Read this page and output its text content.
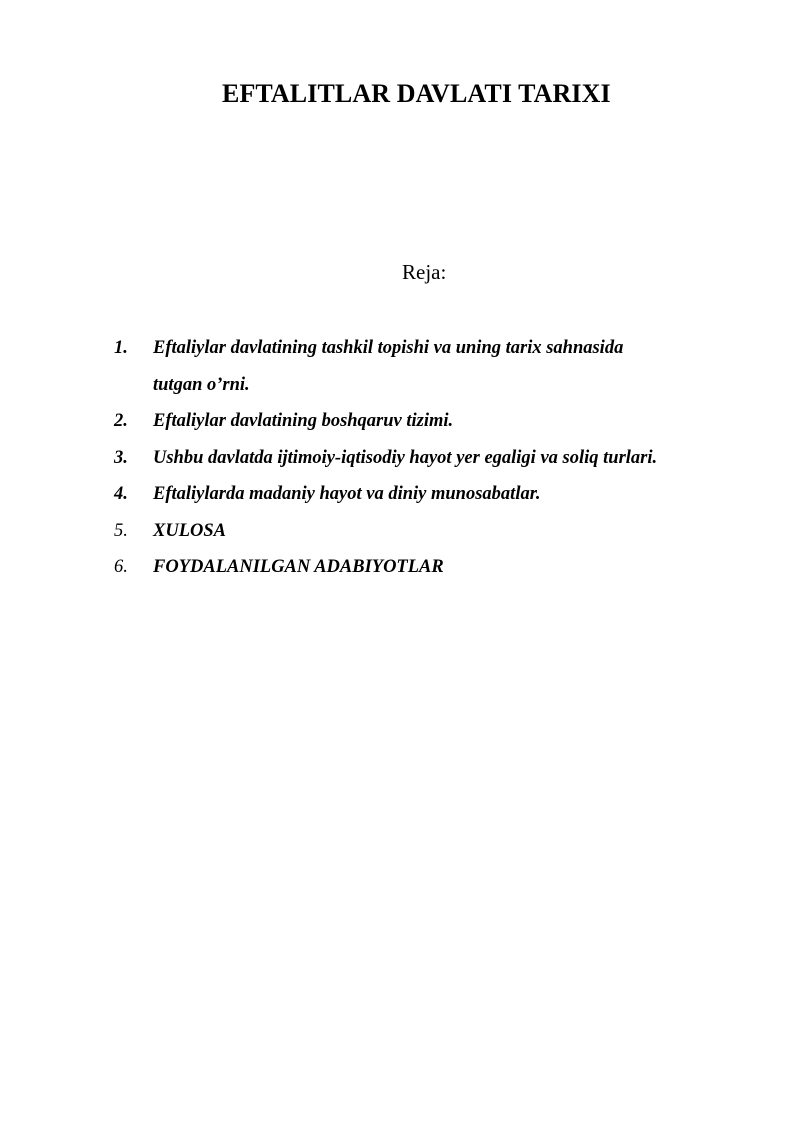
EFTALITLAR DAVLATI TARIXI
Reja:
1. Eftaliylar davlatining tashkil topishi va uning tarix sahnasida
tutgan o’rni.
2. Eftaliylar davlatining boshqaruv tizimi.
3. Ushbu davlatda ijtimoiy-iqtisodiy hayot yer egaligi va soliq turlari.
4. Eftaliylarda madaniy hayot va diniy munosabatlar.
5. XULOSA
6. FOYDALANILGAN ADABIYOTLAR
